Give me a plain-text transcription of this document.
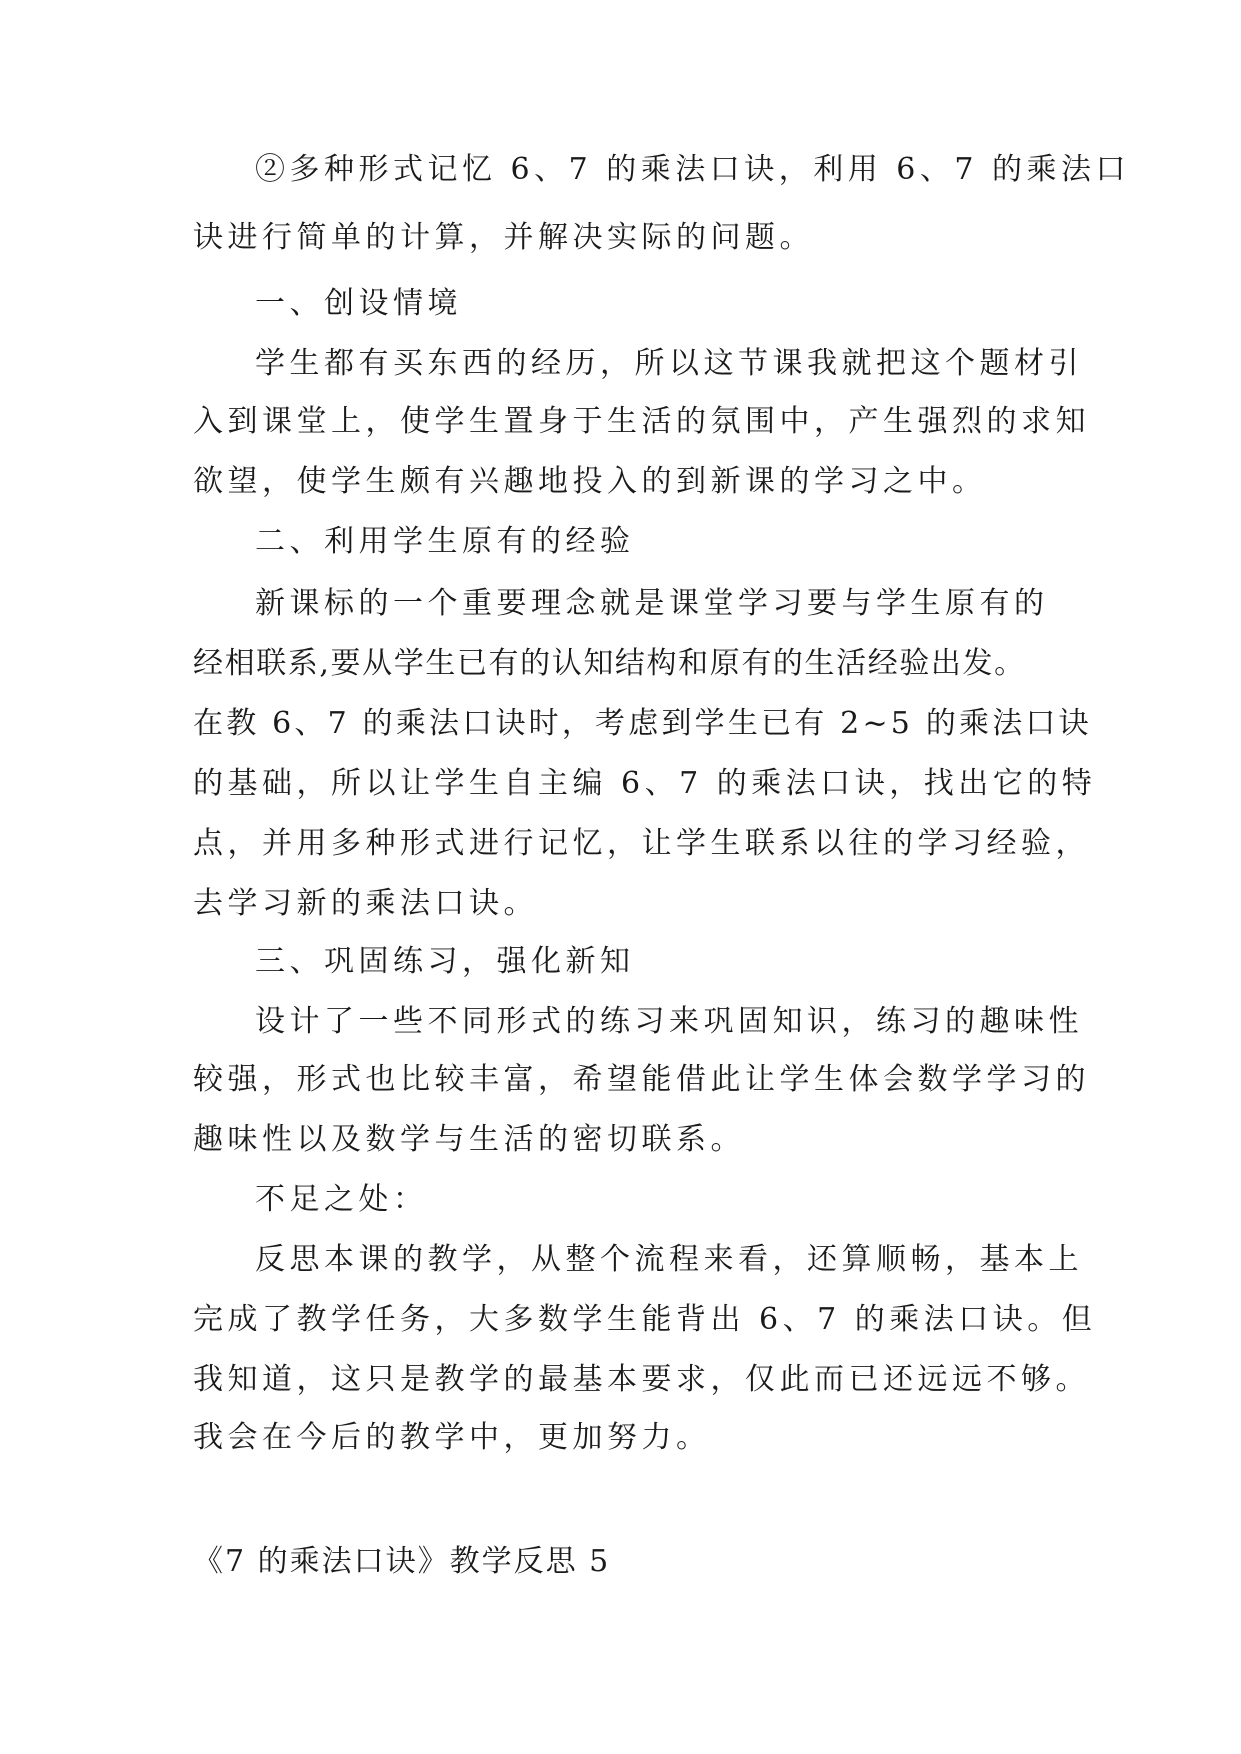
②多种形式记忆 6、7 的乘法口诀，利用 6、7 的乘法口
诀进行简单的计算，并解决实际的问题。
一、创设情境
学生都有买东西的经历，所以这节课我就把这个题材引
入到课堂上，使学生置身于生活的氛围中，产生强烈的求知
欲望，使学生颇有兴趣地投入的到新课的学习之中。
二、利用学生原有的经验
新课标的一个重要理念就是课堂学习要与学生原有的
经相联系,要从学生已有的认知结构和原有的生活经验出发。
在教 6、7 的乘法口诀时，考虑到学生已有 2~5 的乘法口诀
的基础，所以让学生自主编 6、7 的乘法口诀，找出它的特
点，并用多种形式进行记忆，让学生联系以往的学习经验，
去学习新的乘法口诀。
三、巩固练习，强化新知
设计了一些不同形式的练习来巩固知识，练习的趣味性
较强，形式也比较丰富，希望能借此让学生体会数学学习的
趣味性以及数学与生活的密切联系。
不足之处：
反思本课的教学，从整个流程来看，还算顺畅，基本上
完成了教学任务，大多数学生能背出 6、7 的乘法口诀。但
我知道，这只是教学的最基本要求，仅此而已还远远不够。
我会在今后的教学中，更加努力。
《7 的乘法口诀》教学反思 5
